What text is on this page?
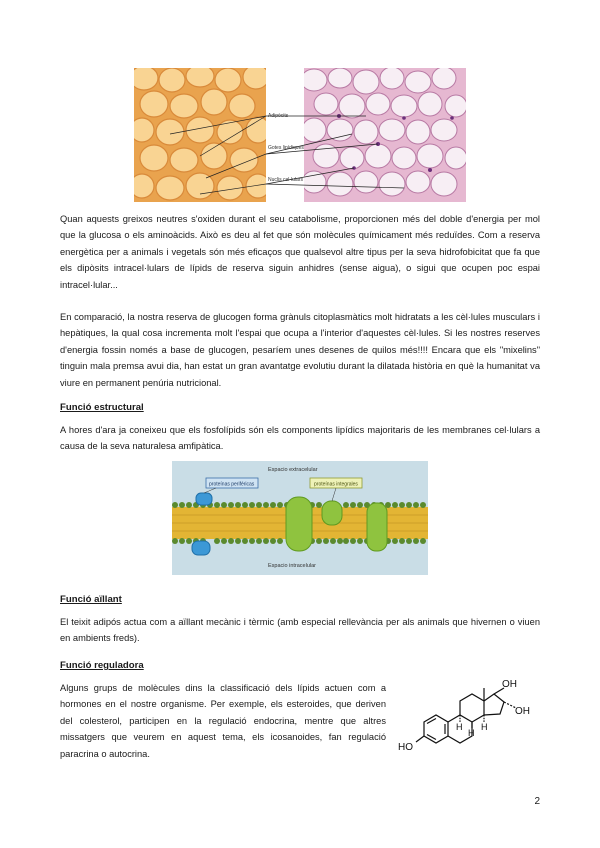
Adipòcits
Gotes lipídiques
Nuclis cel·lulars

Quan aquests greixos neutres s'oxiden durant el seu catabolisme, proporcionen més del doble d'energia per mol que la glucosa o els aminoàcids. Això es deu al fet que són molècules químicament més reduïdes. Com a reserva energètica per a animals i vegetals són més eficaços que qualsevol altre tipus per la seva hidrofobicitat que fa que els dipòsits intracel·lulars de lípids de reserva siguin anhidres (sense aigua), o sigui que ocupen poc espai intracel·lular...

En comparació, la nostra reserva de glucogen forma grànuls citoplasmàtics molt hidratats a les cèl·lules musculars i hepàtiques, la qual cosa incrementa molt l'espai que ocupa a l'interior d'aquestes cèl·lules. Si les nostres reserves d'energia fossin només a base de glucogen, pesaríem unes desenes de quilos més!!!! Encara que els "mixelins" tinguin mala premsa avui dia, han estat un gran avantatge evolutiu durant la dilatada història en què la humanitat va viure en permanent penúria nutricional.

Funció estructural

A hores d'ara ja coneixeu que els fosfolípids són els components lipídics majoritaris de les membranes cel·lulars a causa de la seva naturalesa amfipàtica.

Espacio extracelular
Espacio intracelular
proteínas periféricas	proteínas integrales
Funció aïllant

El teixit adipós actua com a aïllant mecànic i tèrmic (amb especial rellevància per als animals que hivernen o viuen en ambients freds).

Funció reguladora

Alguns grups de molècules dins la classificació dels lípids actuen com a hormones en el nostre organisme. Per exemple, els esteroides, que deriven del colesterol, participen en la regulació endocrina, mentre que altres missatgers que veurem en aquest tema, els icosanoides, fan regulació paracrina o autocrina.

OH
OH
HO
H
H
H
2
